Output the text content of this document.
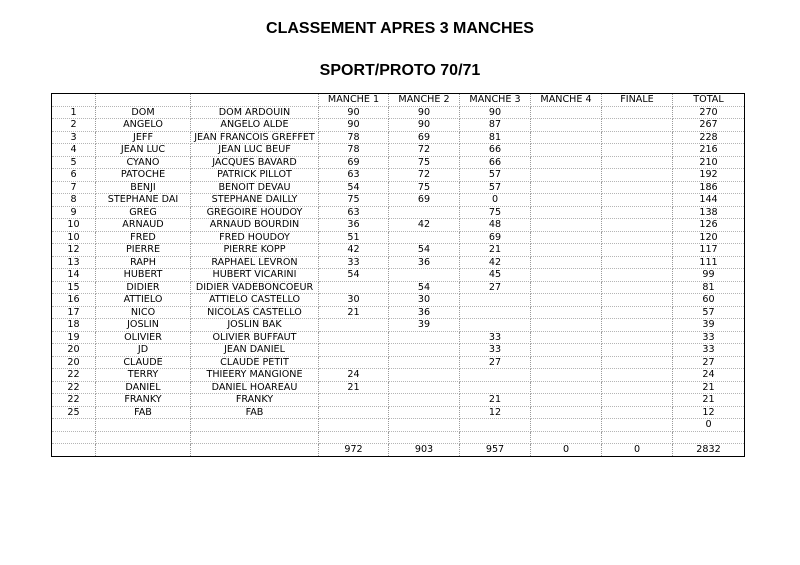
CLASSEMENT APRES 3 MANCHES
SPORT/PROTO 70/71
			MANCHE 1	MANCHE 2	MANCHE 3	MANCHE 4	FINALE	TOTAL
1	DOM	DOM ARDOUIN	90	90	90			270
2	ANGELO	ANGELO ALDE	90	90	87			267
3	JEFF	JEAN FRANCOIS GREFFET	78	69	81			228
4	JEAN LUC	JEAN LUC BEUF	78	72	66			216
5	CYANO	JACQUES BAVARD	69	75	66			210
6	PATOCHE	PATRICK PILLOT	63	72	57			192
7	BENJI	BENOIT DEVAU	54	75	57			186
8	STEPHANE DAI	STEPHANE DAILLY	75	69	0			144
9	GREG	GREGOIRE HOUDOY	63		75			138
10	ARNAUD	ARNAUD BOURDIN	36	42	48			126
10	FRED	FRED HOUDOY	51		69			120
12	PIERRE	PIERRE KOPP	42	54	21			117
13	RAPH	RAPHAEL LEVRON	33	36	42			111
14	HUBERT	HUBERT VICARINI	54		45			99
15	DIDIER	DIDIER VADEBONCOEUR		54	27			81
16	ATTIELO	ATTIELO CASTELLO	30	30				60
17	NICO	NICOLAS CASTELLO	21	36				57
18	JOSLIN	JOSLIN BAK		39				39
19	OLIVIER	OLIVIER BUFFAUT			33			33
20	JD	JEAN DANIEL			33			33
20	CLAUDE	CLAUDE PETIT			27			27
22	TERRY	THIEERY MANGIONE	24					24
22	DANIEL	DANIEL HOAREAU	21					21
22	FRANKY	FRANKY			21			21
25	FAB	FAB			12			12
								0

			972	903	957	0	0	2832
